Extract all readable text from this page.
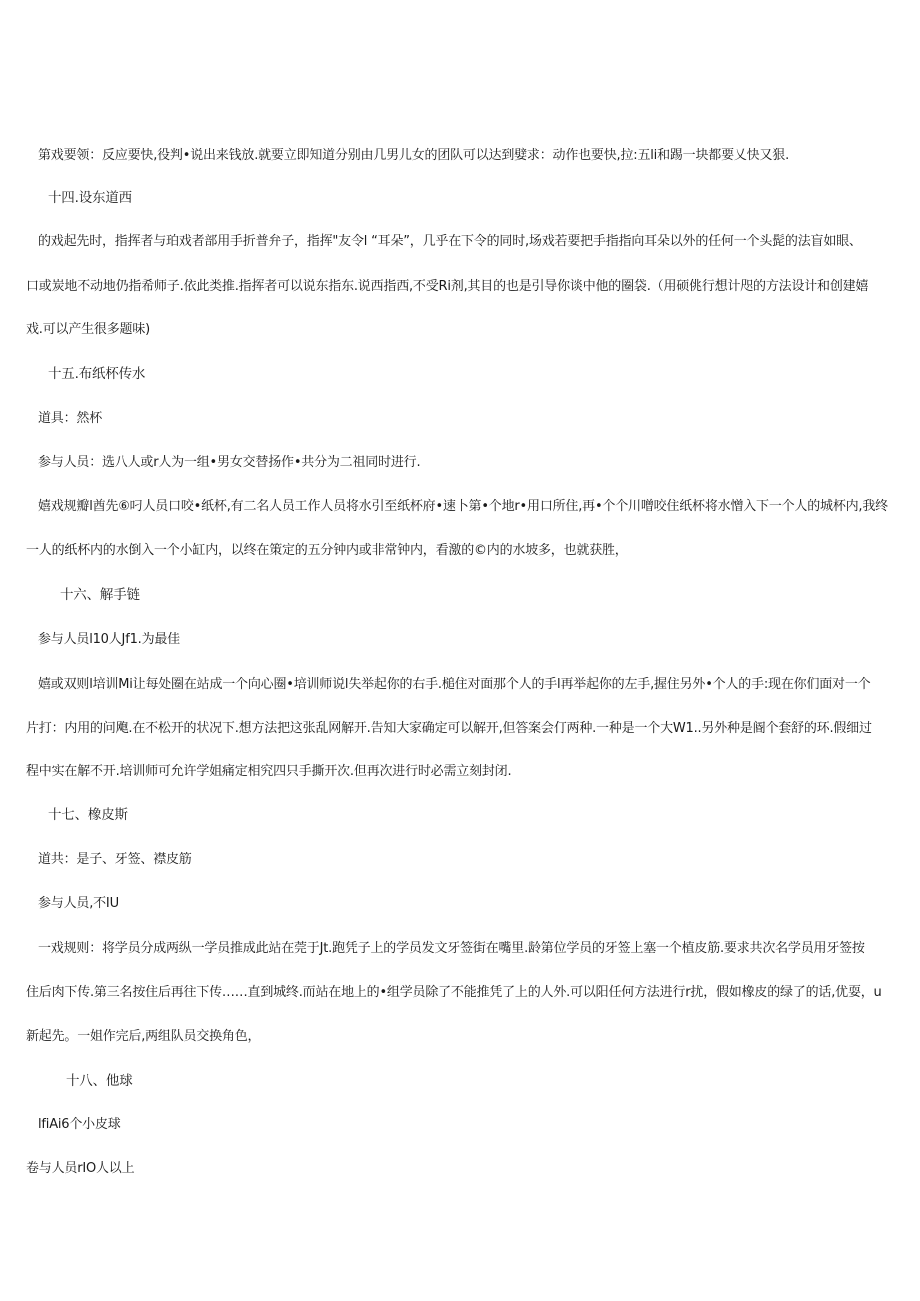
第戏要领：反应要快,役判•说出来钱放.就要立即知道分别由几男儿女的团队可以达到嬖求：动作也要快,拉:五li和踢一块都要乂快又狠.
十四.设东道西
的戏起先时，指挥者与珀戏者部用手折普弁子，指挥"友令l “耳朵”，几乎在下令的同时,场戏若要把手指指向耳朵以外的任何一个头髭的法盲如眼、
口或炭地不动地仍指希师子.依此类推.指挥者可以说东指东.说西指西,不受Ri剂,其目的也是引导你谈中他的圈袋.（用硕佻行想计咫的方法设计和创建嬉
戏.可以产生很多题味)
十五.布纸杯传水
道具：然杯
参与人员：选八人或r人为一组•男女交替扬作•共分为二祖同时进行.
嬉戏规瓣l酋先⑥叼人员口咬•纸杯,有二名人员工作人员将水引至纸杯府•速卜第•个地r•用口所住,再•个个川噌咬住纸杯将水憎入下一个人的城杯内,我终
一人的纸杯内的水倒入一个小缸内，以终在策定的五分钟内或非常钟内，看激的©内的水坡多，也就获胜，
十六、解手链
参与人员l10人Jf1.为最佳
嬉或双则l培训Mi让每处圈在站成一个向心圈•培训师说l失举起你的右手.槌住对面那个人的手l再举起你的左手,握住另外•个人的手:现在你们面对一个
片打：内用的问飑.在不松开的状况下.想方法把这张乱网解开.告知大家确定可以解开,但答案会仃两种.一种是一个大W1..另外种是阍个套舒的环.假细过
程中实在解不开.培训师可允许学姐痛定相究四只手撕开次.但再次进行时必需立刻封闭.
十七、橡皮斯
道共：是子、牙签、襟皮筋
参与人员,不IU
一戏规则：将学员分成两纵一学员推成此站在莞于Jt.跑凭子上的学员发文牙签街在嘴里.龄第位学员的牙签上塞一个植皮筋.要求共次名学员用牙签按
住后肉下传.第三名按住后再往下传……直到城终.而站在地上的•组学员除了不能推凭了上的人外.可以阳任何方法进行r扰，假如橡皮的绿了的话,优耍，u
新起先。一姐作完后,两组队员交换角色，
十八、他球
lfiAi6个小皮球
卷与人员rIO人以上
